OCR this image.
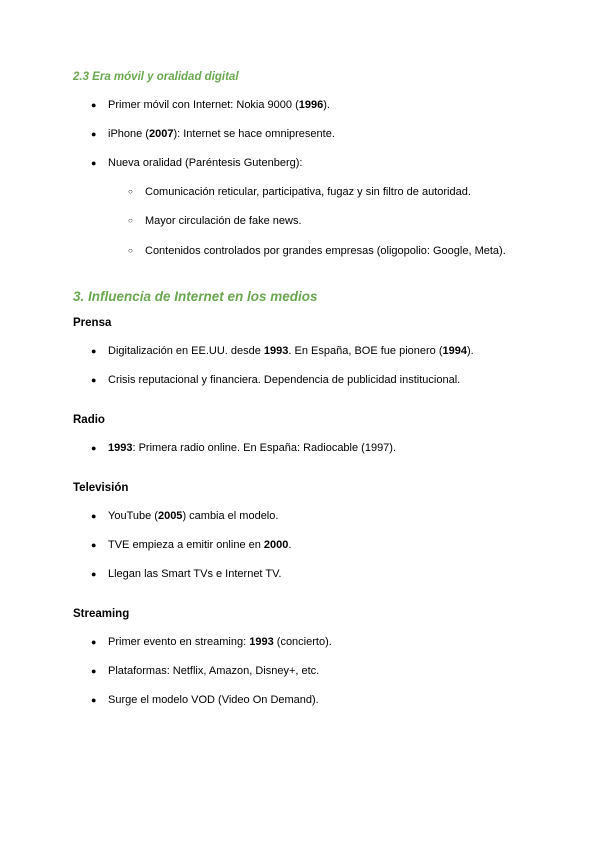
2.3 Era móvil y oralidad digital
● Primer móvil con Internet: Nokia 9000 (1996).
● iPhone (2007): Internet se hace omnipresente.
● Nueva oralidad (Paréntesis Gutenberg):
○ Comunicación reticular, participativa, fugaz y sin filtro de autoridad.
○ Mayor circulación de fake news.
○ Contenidos controlados por grandes empresas (oligopolio: Google, Meta).
3. Influencia de Internet en los medios
Prensa
● Digitalización en EE.UU. desde 1993. En España, BOE fue pionero (1994).
● Crisis reputacional y financiera. Dependencia de publicidad institucional.
Radio
● 1993: Primera radio online. En España: Radiocable (1997).
Televisión
● YouTube (2005) cambia el modelo.
● TVE empieza a emitir online en 2000.
● Llegan las Smart TVs e Internet TV.
Streaming
● Primer evento en streaming: 1993 (concierto).
● Plataformas: Netflix, Amazon, Disney+, etc.
● Surge el modelo VOD (Video On Demand).
